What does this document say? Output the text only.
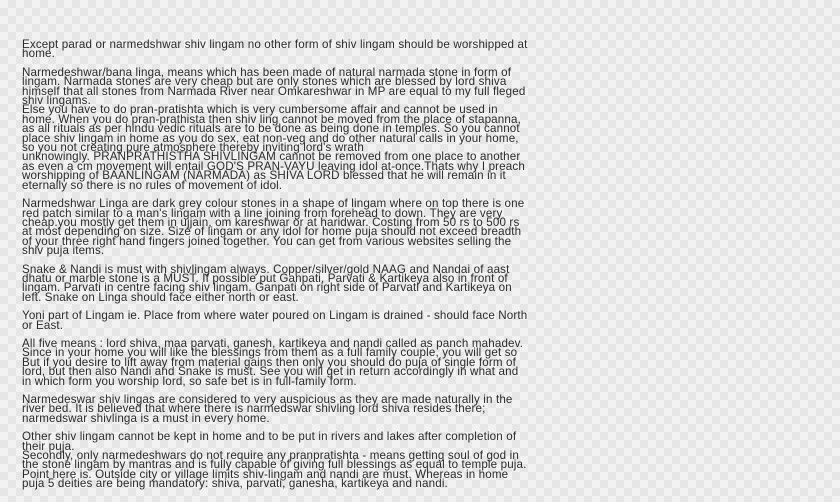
Except parad or narmedshwar shiv lingam no other form of shiv lingam should be worshipped at
home.
Narmedeshwar/bana linga, means which has been made of natural narmada stone in form of
lingam. Narmada stones are very cheap but are only stones which are blessed by lord shiva
himself that all stones from Narmada River near Omkareshwar in MP are equal to my full fleged
shiv lingams.
Else you have to do pran-pratishta which is very cumbersome affair and cannot be used in
home. When you do pran-prathista then shiv ling cannot be moved from the place of stapanna,
as all rituals as per hindu vedic rituals are to be done as being done in temples. So you cannot
place shiv lingam in home as you do sex, eat non-veg and do other natural calls in your home,
so you not creating pure atmosphere thereby inviting lord's wrath
unknowingly. PRANPRATHISTHA SHIVLINGAM cannot be removed from one place to another
as even a cm movement will entail GOD'S PRAN-VAYU leaving idol at-once.Thats why I preach
worshipping of BAANLINGAM (NARMADA) as SHIVA LORD blessed that he will remain in it
eternally so there is no rules of movement of idol.
Narmedshwar Linga are dark grey colour stones in a shape of lingam where on top there is one
red patch similar to a man's lingam with a line joining from forehead to down. They are very
cheap.you mostly get them in ujjain, om kareshwar or at haridwar. Costing from 50 rs to 500 rs
at most depending on size. Size of lingam or any idol for home puja should not exceed breadth
of your three right hand fingers joined together. You can get from various websites selling the
shiv puja items.
Snake & Nandi is must with shivlingam always. Copper/silver/gold NAAG and Nandai of aast
dhatu or marble stone is a MUST. If possible put Ganpati, Parvati & Kartikeya also in front of
lingam. Parvati in centre facing shiv lingam. Ganpati on right side of Parvati and Kartikeya on
left. Snake on Linga should face either north or east.
Yoni part of Lingam ie. Place from where water poured on Lingam is drained - should face North
or East.
All five means : lord shiva, maa parvati, ganesh, kartikeya and nandi called as panch mahadev.
Since in your home you will like the blessings from them as a full family couple, you will get so
But if you desire to lift away from material gains then only you should do puja of single form of
lord, but then also Nandi and Snake is must. See you will get in return accordingly in what and
in which form you worship lord, so safe bet is in full-family form.
Narmedeswar shiv lingas are considered to very auspicious as they are made naturally in the
river bed. It is believed that where there is narmedswar shivling lord shiva resides there;
narmedswar shivlinga is a must in every home.
Other shiv lingam cannot be kept in home and to be put in rivers and lakes after completion of
their puja.
Secondly, only narmedeshwars do not require any pranpratishta - means getting soul of god in
the stone lingam by mantras and is fully capable of giving full blessings as equal to temple puja.
Point here is. Outside city or village limits shiv-lingam and nandi are must. Whereas in home
puja 5 deities are being mandatory: shiva, parvati, ganesha, kartikeya and nandi.
